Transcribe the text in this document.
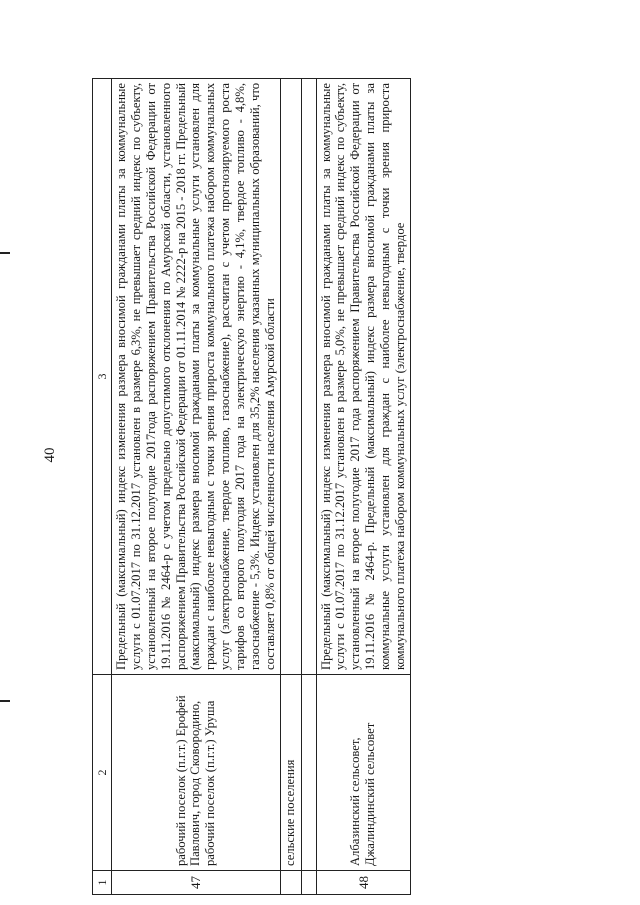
40
1	2	3
47	рабочий поселок (п.г.т.) Ерофей Павлович, город Сковородино, рабочий поселок (п.г.т.) Уруша	Предельный (максимальный) индекс изменения размера вносимой гражданами платы за коммунальные услуги с 01.07.2017 по 31.12.2017 установлен в размере 6,3%, не превышает средний индекс по субъекту, установленный на второе полугодие 2017года распоряжением Правительства Российской Федерации от 19.11.2016 № 2464-р с учетом предельно допустимого отклонения по Амурской области, установленного распоряжением Правительства Российской Федерации от 01.11.2014 № 2222-р на 2015 - 2018 гг. Предельный (максимальный) индекс размера вносимой гражданами платы за коммунальные услуги установлен для граждан с наиболее невыгодным с точки зрения прироста коммунального платежа набором коммунальных услуг (электроснабжение, твердое топливо, газоснабжение), рассчитан с учетом прогнозируемого роста тарифов со второго полугодия 2017 года на электрическую энергию - 4,1%, твердое топливо - 4,8%, газоснабжение - 5,3%. Индекс установлен для 35,2% населения указанных муниципальных образований, что составляет 0,8% от общей численности населения Амурской области
	сельские поселения	

48	Албазинский сельсовет, Джалиндинский сельсовет	Предельный (максимальный) индекс изменения размера вносимой гражданами платы за коммунальные услуги с 01.07.2017 по 31.12.2017 установлен в размере 5,0%, не превышает средний индекс по субъекту, установленный на второе полугодие 2017 года распоряжением Правительства Российской Федерации от 19.11.2016 № 2464-р. Предельный (максимальный) индекс размера вносимой гражданами платы за коммунальные услуги установлен для граждан с наиболее невыгодным с точки зрения прироста коммунального платежа набором коммунальных услуг (электроснабжение, твердое
